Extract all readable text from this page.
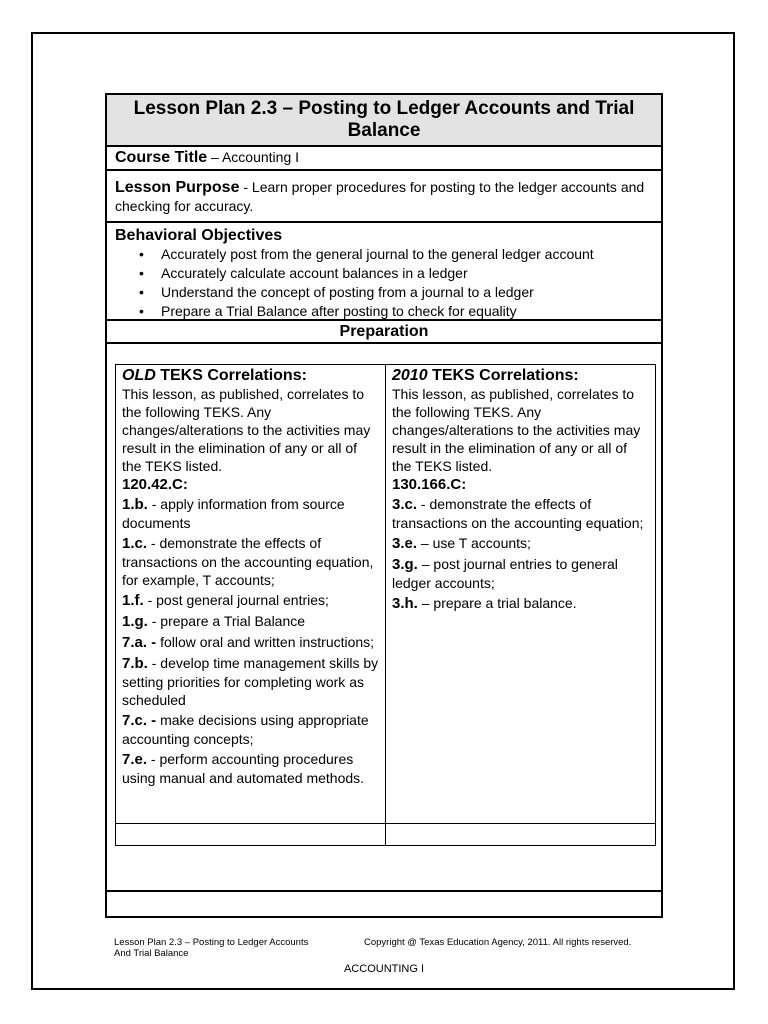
Lesson Plan 2.3 – Posting to Ledger Accounts and Trial Balance
Course Title – Accounting I
Lesson Purpose - Learn proper procedures for posting to the ledger accounts and checking for accuracy.
Behavioral Objectives
• Accurately post from the general journal to the general ledger account
• Accurately calculate account balances in a ledger
• Understand the concept of posting from a journal to a ledger
• Prepare a Trial Balance after posting to check for equality
Preparation
OLD TEKS Correlations:
This lesson, as published, correlates to the following TEKS. Any changes/alterations to the activities may result in the elimination of any or all of the TEKS listed.
120.42.C:
1.b. - apply information from source documents
1.c. - demonstrate the effects of transactions on the accounting equation, for example, T accounts;
1.f. - post general journal entries;
1.g. - prepare a Trial Balance
7.a. - follow oral and written instructions;
7.b. - develop time management skills by setting priorities for completing work as scheduled
7.c. - make decisions using appropriate accounting concepts;
7.e. - perform accounting procedures using manual and automated methods.
2010 TEKS Correlations:
This lesson, as published, correlates to the following TEKS. Any changes/alterations to the activities may result in the elimination of any or all of the TEKS listed.
130.166.C:
3.c. - demonstrate the effects of transactions on the accounting equation;
3.e. – use T accounts;
3.g. – post journal entries to general ledger accounts;
3.h. – prepare a trial balance.
Lesson Plan 2.3 – Posting to Ledger Accounts
And Trial Balance
Copyright @ Texas Education Agency, 2011. All rights reserved.
ACCOUNTING I
